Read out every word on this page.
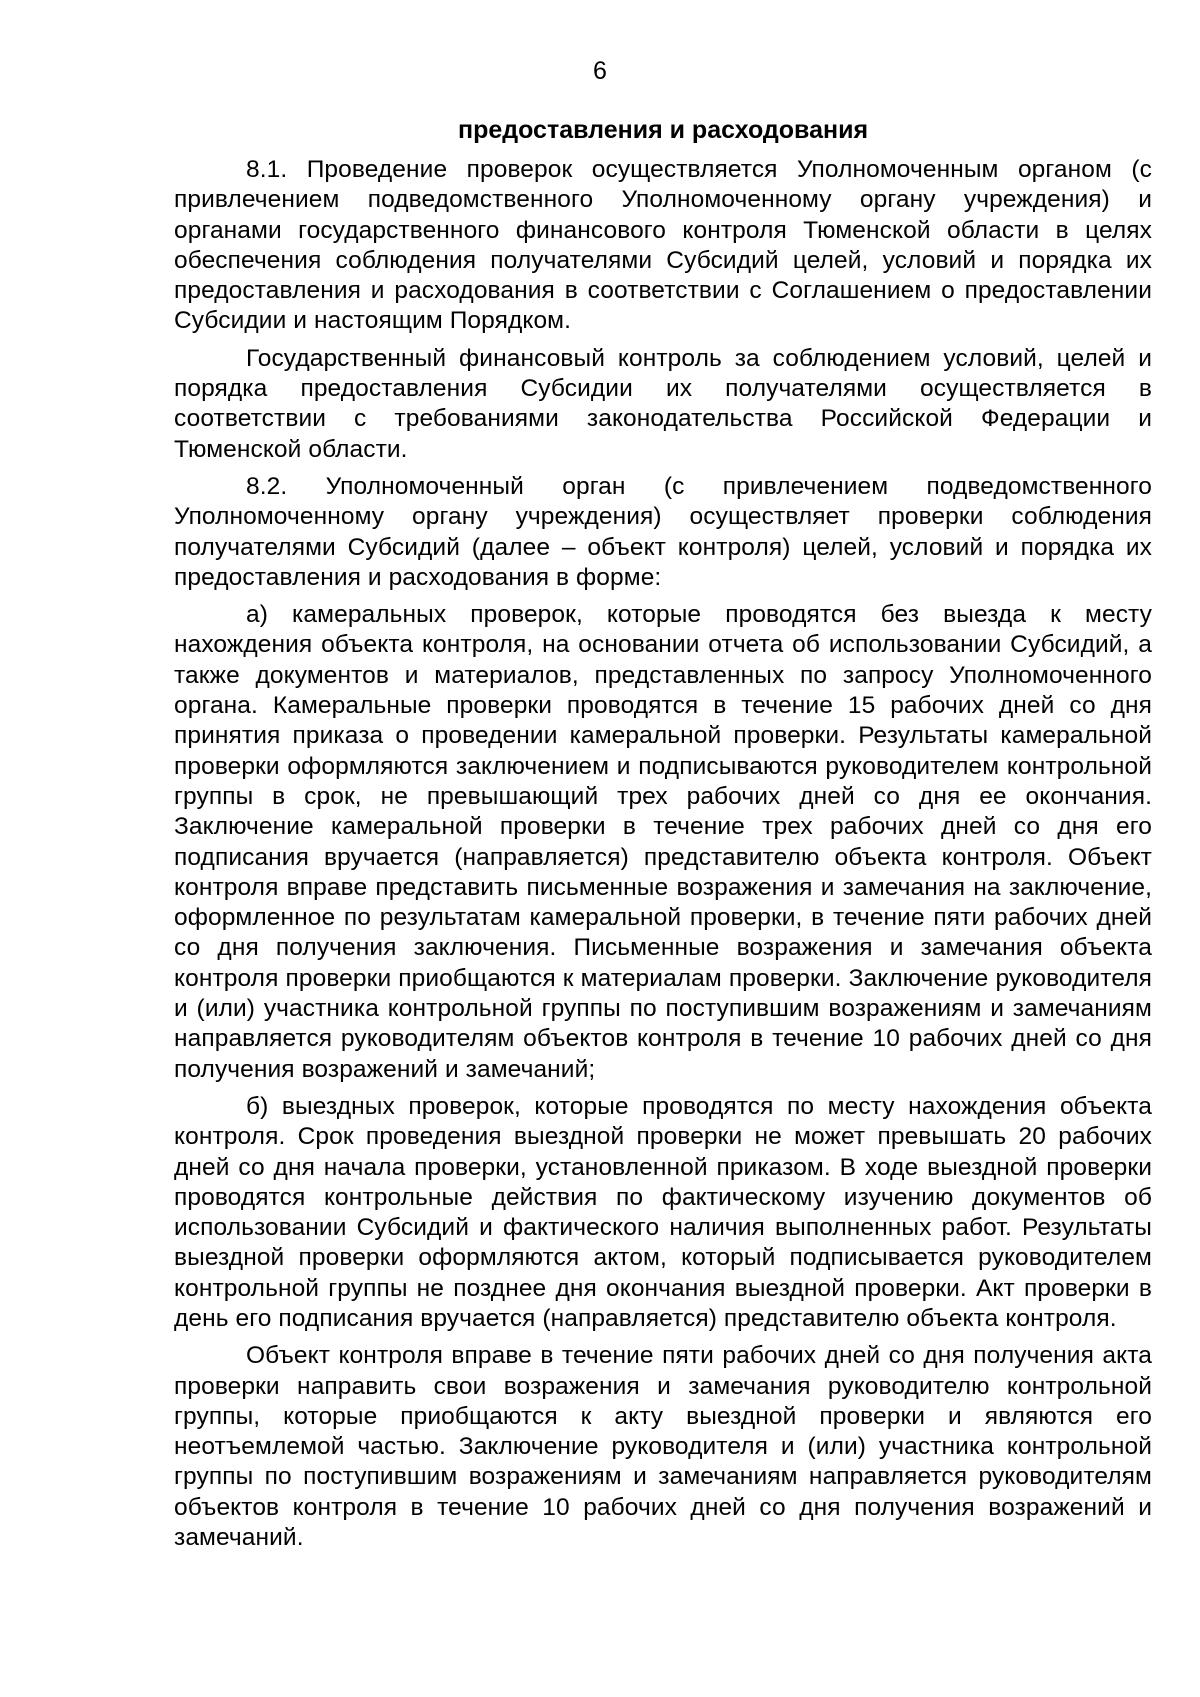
6
предоставления и расходования

8.1. Проведение проверок осуществляется Уполномоченным органом (с привлечением подведомственного Уполномоченному органу учреждения) и органами государственного финансового контроля Тюменской области в целях обеспечения соблюдения получателями Субсидий целей, условий и порядка их предоставления и расходования в соответствии с Соглашением о предоставлении Субсидии и настоящим Порядком.

Государственный финансовый контроль за соблюдением условий, целей и порядка предоставления Субсидии их получателями осуществляется в соответствии с требованиями законодательства Российской Федерации и Тюменской области.

8.2. Уполномоченный орган (с привлечением подведомственного Уполномоченному органу учреждения) осуществляет проверки соблюдения получателями Субсидий (далее – объект контроля) целей, условий и порядка их предоставления и расходования в форме:

а) камеральных проверок, которые проводятся без выезда к месту нахождения объекта контроля, на основании отчета об использовании Субсидий, а также документов и материалов, представленных по запросу Уполномоченного органа. Камеральные проверки проводятся в течение 15 рабочих дней со дня принятия приказа о проведении камеральной проверки. Результаты камеральной проверки оформляются заключением и подписываются руководителем контрольной группы в срок, не превышающий трех рабочих дней со дня ее окончания. Заключение камеральной проверки в течение трех рабочих дней со дня его подписания вручается (направляется) представителю объекта контроля. Объект контроля вправе представить письменные возражения и замечания на заключение, оформленное по результатам камеральной проверки, в течение пяти рабочих дней со дня получения заключения. Письменные возражения и замечания объекта контроля проверки приобщаются к материалам проверки. Заключение руководителя и (или) участника контрольной группы по поступившим возражениям и замечаниям направляется руководителям объектов контроля в течение 10 рабочих дней со дня получения возражений и замечаний;

б) выездных проверок, которые проводятся по месту нахождения объекта контроля. Срок проведения выездной проверки не может превышать 20 рабочих дней со дня начала проверки, установленной приказом. В ходе выездной проверки проводятся контрольные действия по фактическому изучению документов об использовании Субсидий и фактического наличия выполненных работ. Результаты выездной проверки оформляются актом, который подписывается руководителем контрольной группы не позднее дня окончания выездной проверки. Акт проверки в день его подписания вручается (направляется) представителю объекта контроля.

Объект контроля вправе в течение пяти рабочих дней со дня получения акта проверки направить свои возражения и замечания руководителю контрольной группы, которые приобщаются к акту выездной проверки и являются его неотъемлемой частью. Заключение руководителя и (или) участника контрольной группы по поступившим возражениям и замечаниям направляется руководителям объектов контроля в течение 10 рабочих дней со дня получения возражений и замечаний.
